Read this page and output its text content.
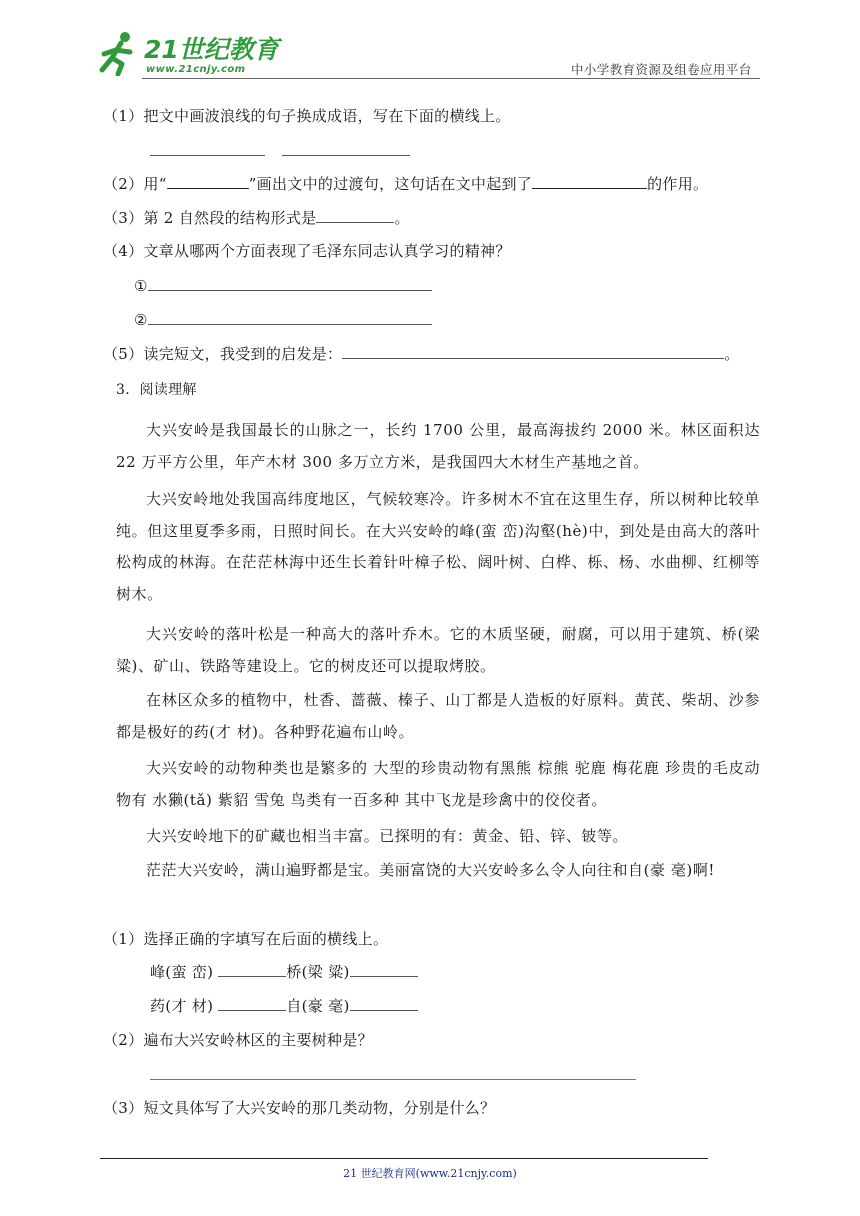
21世纪教育
www.21cnjy.com	中小学教育资源及组卷应用平台
（1）把文中画波浪线的句子换成成语，写在下面的横线上。
（2）用“	”画出文中的过渡句，这句话在文中起到了	的作用。
（3）第 2 自然段的结构形式是	。
（4）文章从哪两个方面表现了毛泽东同志认真学习的精神？
①
②
（5）读完短文，我受到的启发是：	。
3. 阅读理解
大兴安岭是我国最长的山脉之一，长约 1700 公里，最高海拔约 2000 米。林区面积达 22 万平方公里，年产木材 300 多万立方米，是我国四大木材生产基地之首。
大兴安岭地处我国高纬度地区，气候较寒冷。许多树木不宜在这里生存，所以树种比较单纯。但这里夏季多雨，日照时间长。在大兴安岭的峰(蛮 峦)沟壑(hè)中，到处是由高大的落叶松构成的林海。在茫茫林海中还生长着针叶樟子松、阔叶树、白桦、栎、杨、水曲柳、红柳等树木。
大兴安岭的落叶松是一种高大的落叶乔木。它的木质坚硬，耐腐，可以用于建筑、桥(梁 粱)、矿山、铁路等建设上。它的树皮还可以提取烤胶。
在林区众多的植物中，杜香、蔷薇、榛子、山丁都是人造板的好原料。黄芪、柴胡、沙参都是极好的药(才 材)。各种野花遍布山岭。
大兴安岭的动物种类也是繁多的 大型的珍贵动物有黑熊 棕熊 驼鹿 梅花鹿 珍贵的毛皮动物有 水獭(tǎ) 紫貂 雪兔 鸟类有一百多种 其中飞龙是珍禽中的佼佼者。
大兴安岭地下的矿藏也相当丰富。已探明的有：黄金、铅、锌、铍等。
茫茫大兴安岭，满山遍野都是宝。美丽富饶的大兴安岭多么令人向往和自(豪 毫)啊!
（1）选择正确的字填写在后面的横线上。
峰(蛮 峦)	桥(梁 粱)
药(才 材)	自(豪 毫)
（2）遍布大兴安岭林区的主要树种是？
（3）短文具体写了大兴安岭的那几类动物，分别是什么？
21 世纪教育网(www.21cnjy.com)
